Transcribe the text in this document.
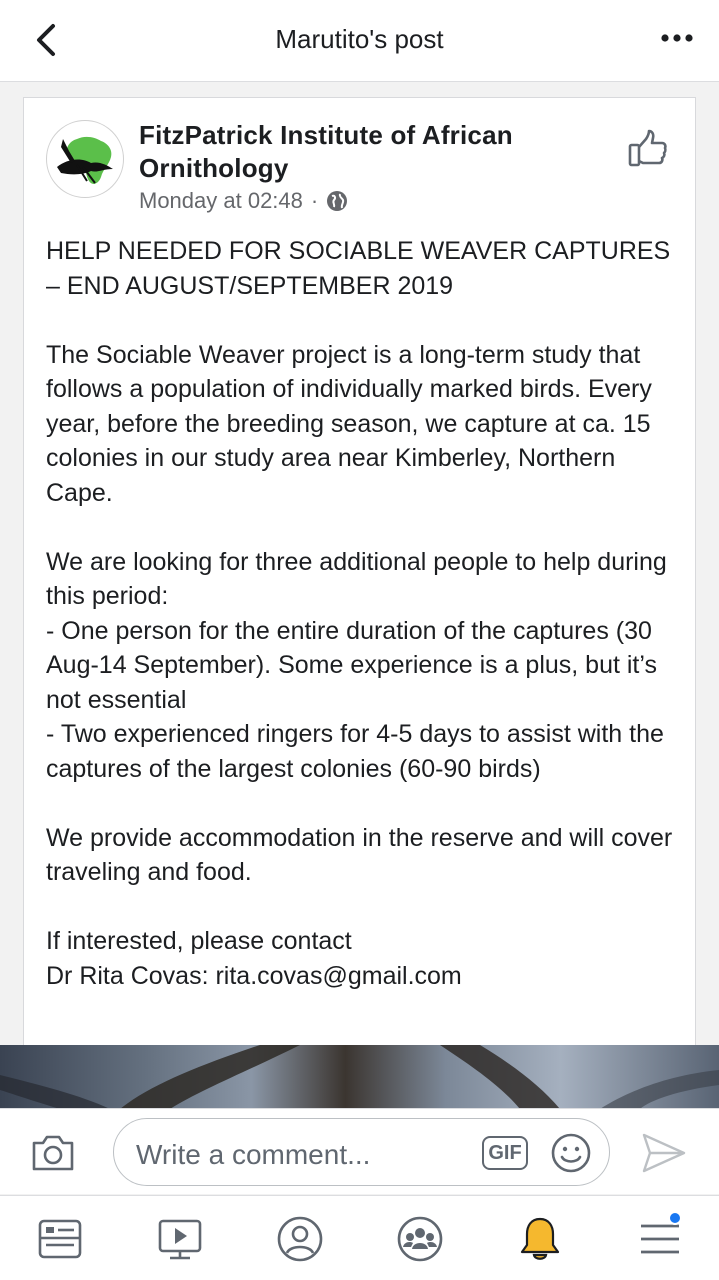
Marutito's post
FitzPatrick Institute of African Ornithology
Monday at 02:48 ·

HELP NEEDED FOR SOCIABLE WEAVER CAPTURES – END AUGUST/SEPTEMBER 2019

The Sociable Weaver project is a long-term study that follows a population of individually marked birds. Every year, before the breeding season, we capture at ca. 15 colonies in our study area near Kimberley, Northern Cape.

We are looking for three additional people to help during this period:
- One person for the entire duration of the captures (30 Aug-14 September). Some experience is a plus, but it’s not essential
- Two experienced ringers for 4-5 days to assist with the captures of the largest colonies (60-90 birds)

We provide accommodation in the reserve and will cover traveling and food.

If interested, please contact
Dr Rita Covas: rita.covas@gmail.com

Write a comment...	GIF
